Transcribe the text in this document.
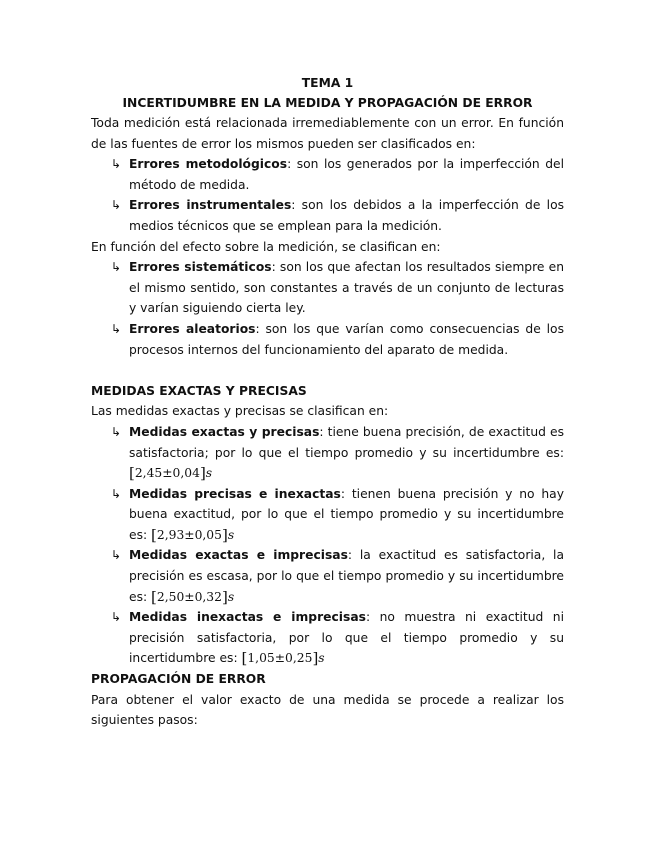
TEMA 1
INCERTIDUMBRE EN LA MEDIDA Y PROPAGACIÓN DE ERROR

Toda medición está relacionada irremediablemente con un error. En función de las fuentes de error los mismos pueden ser clasificados en:

↳ Errores metodológicos: son los generados por la imperfección del método de medida.
↳ Errores instrumentales: son los debidos a la imperfección de los medios técnicos que se emplean para la medición.

En función del efecto sobre la medición, se clasifican en:

↳ Errores sistemáticos: son los que afectan los resultados siempre en el mismo sentido, son constantes a través de un conjunto de lecturas y varían siguiendo cierta ley.
↳ Errores aleatorios: son los que varían como consecuencias de los procesos internos del funcionamiento del aparato de medida.

MEDIDAS EXACTAS Y PRECISAS

Las medidas exactas y precisas se clasifican en:

↳ Medidas exactas y precisas: tiene buena precisión, de exactitud es satisfactoria; por lo que el tiempo promedio y su incertidumbre es: [2,45±0,04]s
↳ Medidas precisas e inexactas: tienen buena precisión y no hay buena exactitud, por lo que el tiempo promedio y su incertidumbre es: [2,93±0,05]s
↳ Medidas exactas e imprecisas: la exactitud es satisfactoria, la precisión es escasa, por lo que el tiempo promedio y su incertidumbre es: [2,50±0,32]s
↳ Medidas inexactas e imprecisas: no muestra ni exactitud ni precisión satisfactoria, por lo que el tiempo promedio y su incertidumbre es: [1,05±0,25]s

PROPAGACIÓN DE ERROR

Para obtener el valor exacto de una medida se procede a realizar los siguientes pasos:
